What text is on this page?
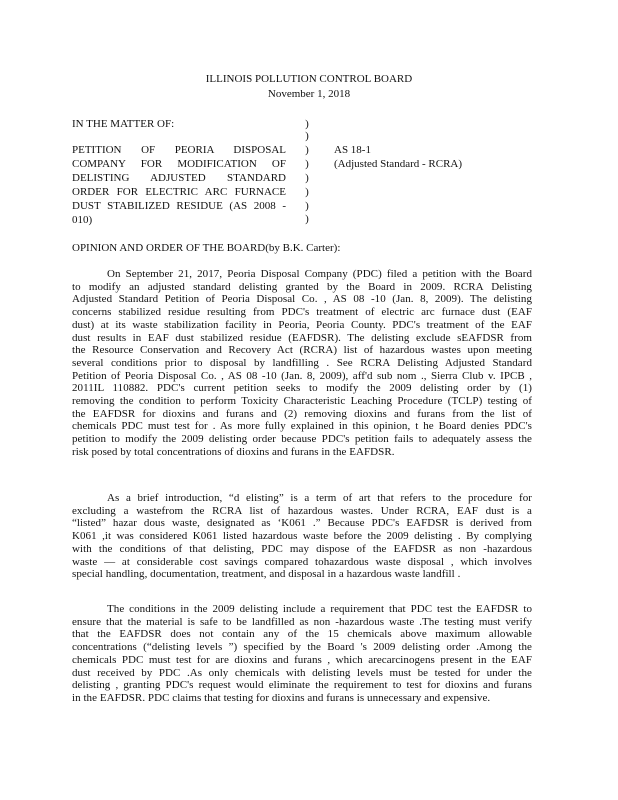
ILLINOIS POLLUTION CONTROL BOARD
November 1, 2018
IN THE MATTER OF:	)
)
)
)
)
)
)
)
PETITION OF PEORIA DISPOSAL
COMPANY FOR MODIFICATION OF
DELISTING ADJUSTED STANDARD
ORDER FOR ELECTRIC ARC FURNACE
DUST STABILIZED RESIDUE (AS 2008 -
010)
AS 18-1
(Adjusted Standard - RCRA)
OPINION AND ORDER OF THE BOARD(by B.K. Carter):
On September 21, 2017, Peoria Disposal Company (PDC) filed a petition with the Board
to modify an adjusted standard delisting granted by the Board in 2009. RCRA Delisting
Adjusted Standard Petition of Peoria Disposal Co. , AS 08 -10 (Jan. 8, 2009). The delisting
concerns stabilized residue resulting from PDC's treatment of electric arc furnace dust (EAF
dust) at its waste stabilization facility in Peoria, Peoria County. PDC's treatment of the EAF
dust results in EAF dust stabilized residue (EAFDSR). The delisting exclude sEAFDSR from
the Resource Conservation and Recovery Act (RCRA) list of hazardous wastes upon meeting
several conditions prior to disposal by landfilling . See RCRA Delisting Adjusted Standard
Petition of Peoria Disposal Co. , AS 08 -10 (Jan. 8, 2009), aff'd sub nom ., Sierra Club v. IPCB ,
2011IL 110882. PDC's current petition seeks to modify the 2009 delisting order by (1)
removing the condition to perform Toxicity Characteristic Leaching Procedure (TCLP) testing of
the EAFDSR for dioxins and furans and (2) removing dioxins and furans from the list of
chemicals PDC must test for . As more fully explained in this opinion, t he Board denies PDC's
petition to modify the 2009 delisting order because PDC's petition fails to adequately assess the
risk posed by total concentrations of dioxins and furans in the EAFDSR.
As a brief introduction, “d elisting” is a term of art that refers to the procedure for
excluding a wastefrom the RCRA list of hazardous wastes. Under RCRA, EAF dust is a
“listed” hazar dous waste, designated as ‘K061 .” Because PDC's EAFDSR is derived from
K061 ,it was considered K061 listed hazardous waste before the 2009 delisting . By complying
with the conditions of that delisting, PDC may dispose of the EAFDSR as non -hazardous
waste — at considerable cost savings compared tohazardous waste disposal , which involves
special handling, documentation, treatment, and disposal in a hazardous waste landfill .
The conditions in the 2009 delisting include a requirement that PDC test the EAFDSR to
ensure that the material is safe to be landfilled as non -hazardous waste .The testing must verify
that the EAFDSR does not contain any of the 15 chemicals above maximum allowable
concentrations (“delisting levels ”) specified by the Board 's 2009 delisting order .Among the
chemicals PDC must test for are dioxins and furans , which arecarcinogens present in the EAF
dust received by PDC .As only chemicals with delisting levels must be tested for under the
delisting , granting PDC's request would eliminate the requirement to test for dioxins and furans
in the EAFDSR. PDC claims that testing for dioxins and furans is unnecessary and expensive.
